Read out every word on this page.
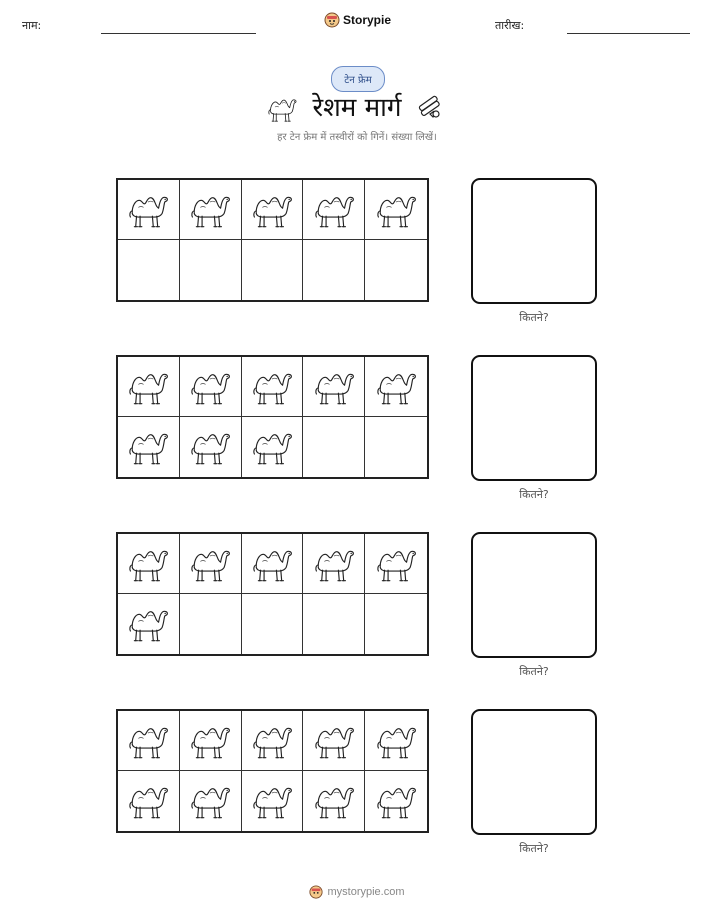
नाम:	Storypie	तारीख:
टेन फ्रेम
रेशम मार्ग
हर टेन फ्रेम में तस्वीरों को गिनें। संख्या लिखें।
कितने?
कितने?
कितने?
कितने?
mystorypie.com
